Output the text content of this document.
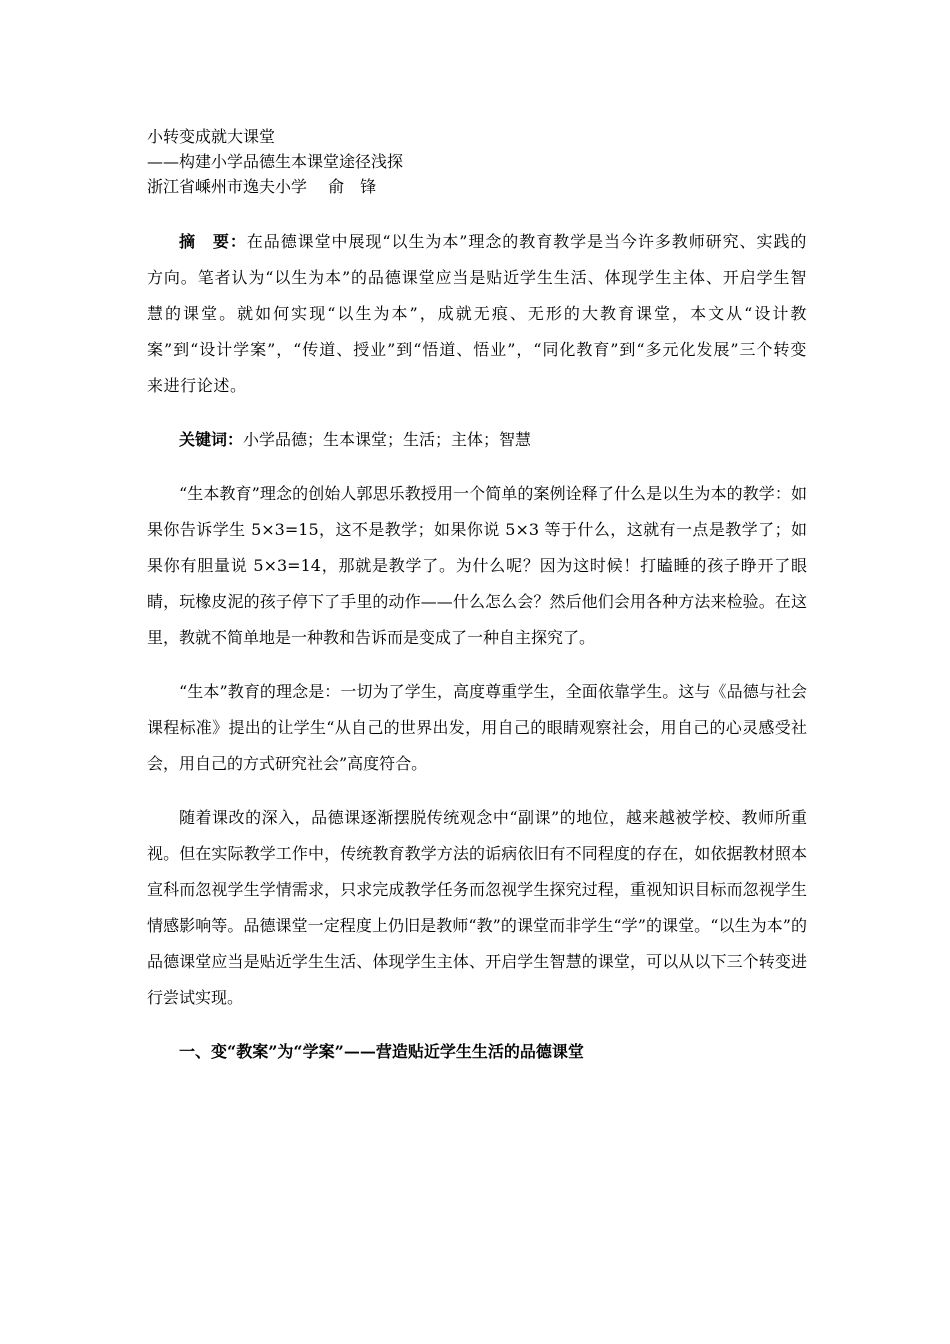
小转变成就大课堂
——构建小学品德生本课堂途径浅探
浙江省嵊州市逸夫小学　 俞　锋

摘　要：在品德课堂中展现“以生为本”理念的教育教学是当今许多教师研究、实践的方向。笔者认为“以生为本”的品德课堂应当是贴近学生生活、体现学生主体、开启学生智慧的课堂。就如何实现“以生为本”，成就无痕、无形的大教育课堂，本文从“设计教案”到“设计学案”，“传道、授业”到“悟道、悟业”，“同化教育”到“多元化发展”三个转变来进行论述。

关键词：小学品德；生本课堂；生活；主体；智慧

“生本教育”理念的创始人郭思乐教授用一个简单的案例诠释了什么是以生为本的教学：如果你告诉学生 5×3=15，这不是教学；如果你说 5×3 等于什么，这就有一点是教学了；如果你有胆量说 5×3=14，那就是教学了。为什么呢？因为这时候！打瞌睡的孩子睁开了眼睛，玩橡皮泥的孩子停下了手里的动作——什么怎么会？然后他们会用各种方法来检验。在这里，教就不简单地是一种教和告诉而是变成了一种自主探究了。

“生本”教育的理念是：一切为了学生，高度尊重学生，全面依靠学生。这与《品德与社会课程标准》提出的让学生“从自己的世界出发，用自己的眼睛观察社会，用自己的心灵感受社会，用自己的方式研究社会”高度符合。

随着课改的深入，品德课逐渐摆脱传统观念中“副课”的地位，越来越被学校、教师所重视。但在实际教学工作中，传统教育教学方法的诟病依旧有不同程度的存在，如依据教材照本宣科而忽视学生学情需求，只求完成教学任务而忽视学生探究过程，重视知识目标而忽视学生情感影响等。品德课堂一定程度上仍旧是教师“教”的课堂而非学生“学”的课堂。“以生为本”的品德课堂应当是贴近学生生活、体现学生主体、开启学生智慧的课堂，可以从以下三个转变进行尝试实现。

一、变“教案”为“学案”——营造贴近学生生活的品德课堂
